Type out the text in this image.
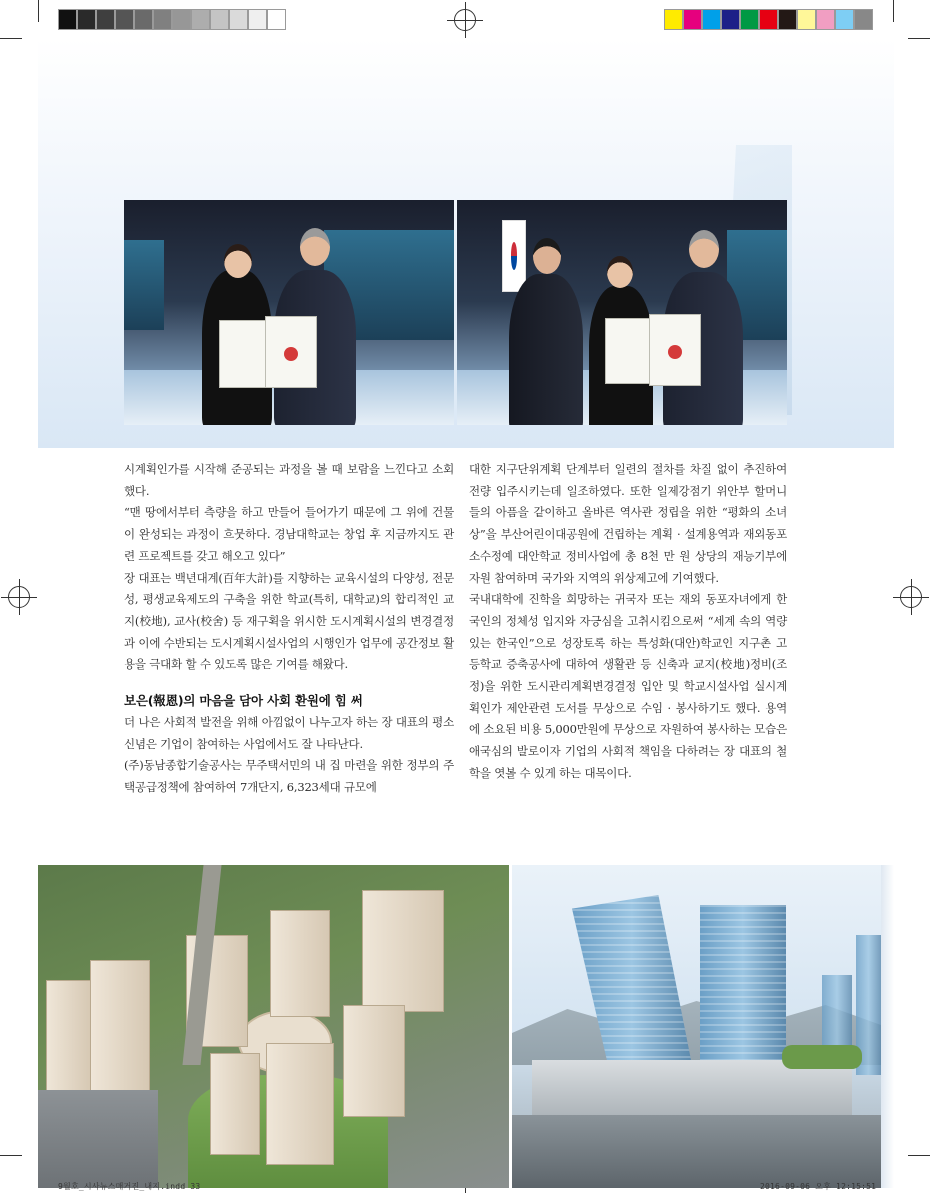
시계획인가를 시작해 준공되는 과정을 볼 때 보람을 느낀다고 소회했다.

“맨 땅에서부터 측량을 하고 만들어 들어가기 때문에 그 위에 건물이 완성되는 과정이 흐뭇하다. 경남대학교는 창업 후 지금까지도 관련 프로젝트를 갖고 해오고 있다”

장 대표는 백년대계(百年大計)를 지향하는 교육시설의 다양성, 전문성, 평생교육제도의 구축을 위한 학교(특히, 대학교)의 합리적인 교지(校地), 교사(校舍) 등 재구획을 위시한 도시계획시설의 변경결정과 이에 수반되는 도시계획시설사업의 시행인가 업무에 공간정보 활용을 극대화 할 수 있도록 많은 기여를 해왔다.

보은(報恩)의 마음을 담아 사회 환원에 힘 써

더 나은 사회적 발전을 위해 아낌없이 나누고자 하는 장 대표의 평소 신념은 기업이 참여하는 사업에서도 잘 나타난다.

(주)동남종합기술공사는 무주택서민의 내 집 마련을 위한 정부의 주택공급정책에 참여하여 7개단지, 6,323세대 규모에

대한 지구단위계획 단계부터 일련의 절차를 차질 없이 추진하여 전량 입주시키는데 일조하였다. 또한 일제강점기 위안부 할머니들의 아픔을 같이하고 올바른 역사관 정립을 위한 “평화의 소녀상”을 부산어린이대공원에 건립하는 계획 · 설계용역과 재외동포 소수정예 대안학교 정비사업에 총 8천 만 원 상당의 재능기부에 자원 참여하며 국가와 지역의 위상제고에 기여했다.

국내대학에 진학을 희망하는 귀국자 또는 재외 동포자녀에게 한국인의 정체성 입지와 자긍심을 고취시킴으로써 “세계 속의 역량 있는 한국인”으로 성장토록 하는 특성화(대안)학교인 지구촌 고등학교 증축공사에 대하여 생활관 등 신축과 교지(校地)정비(조정)을 위한 도시관리계획변경결정 입안 및 학교시설사업 실시계획인가 제안관련 도서를 무상으로 수임 · 봉사하기도 했다. 용역에 소요된 비용 5,000만원에 무상으로 자원하여 봉사하는 모습은 애국심의 발로이자 기업의 사회적 책임을 다하려는 장 대표의 철학을 엿볼 수 있게 하는 대목이다.

9월호_시사뉴스매거진_내지.indd 33	2016-09-06 오후 12:15:51
